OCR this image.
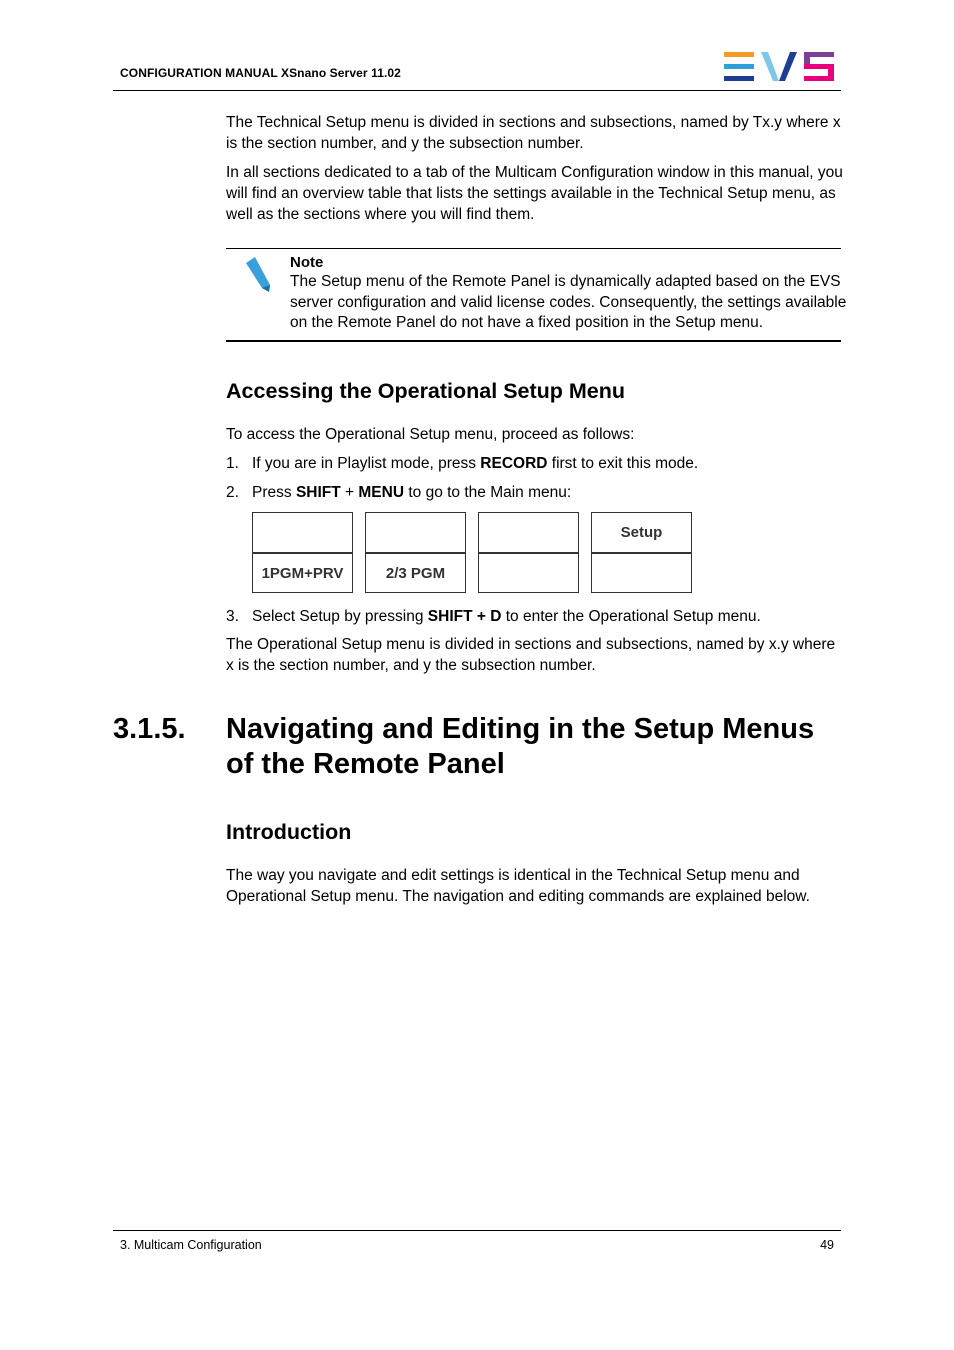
CONFIGURATION MANUAL XSnano Server 11.02
The Technical Setup menu is divided in sections and subsections, named by Tx.y where x is the section number, and y the subsection number.
In all sections dedicated to a tab of the Multicam Configuration window in this manual, you will find an overview table that lists the settings available in the Technical Setup menu, as well as the sections where you will find them.
Note
The Setup menu of the Remote Panel is dynamically adapted based on the EVS server configuration and valid license codes. Consequently, the settings available on the Remote Panel do not have a fixed position in the Setup menu.
Accessing the Operational Setup Menu
To access the Operational Setup menu, proceed as follows:
1. If you are in Playlist mode, press RECORD first to exit this mode.
2. Press SHIFT + MENU to go to the Main menu:
1PGM+PRV	2/3 PGM
Setup
3. Select Setup by pressing SHIFT + D to enter the Operational Setup menu.
The Operational Setup menu is divided in sections and subsections, named by x.y where x is the section number, and y the subsection number.
3.1.5. Navigating and Editing in the Setup Menus
of the Remote Panel
Introduction
The way you navigate and edit settings is identical in the Technical Setup menu and Operational Setup menu. The navigation and editing commands are explained below.
3. Multicam Configuration	49
